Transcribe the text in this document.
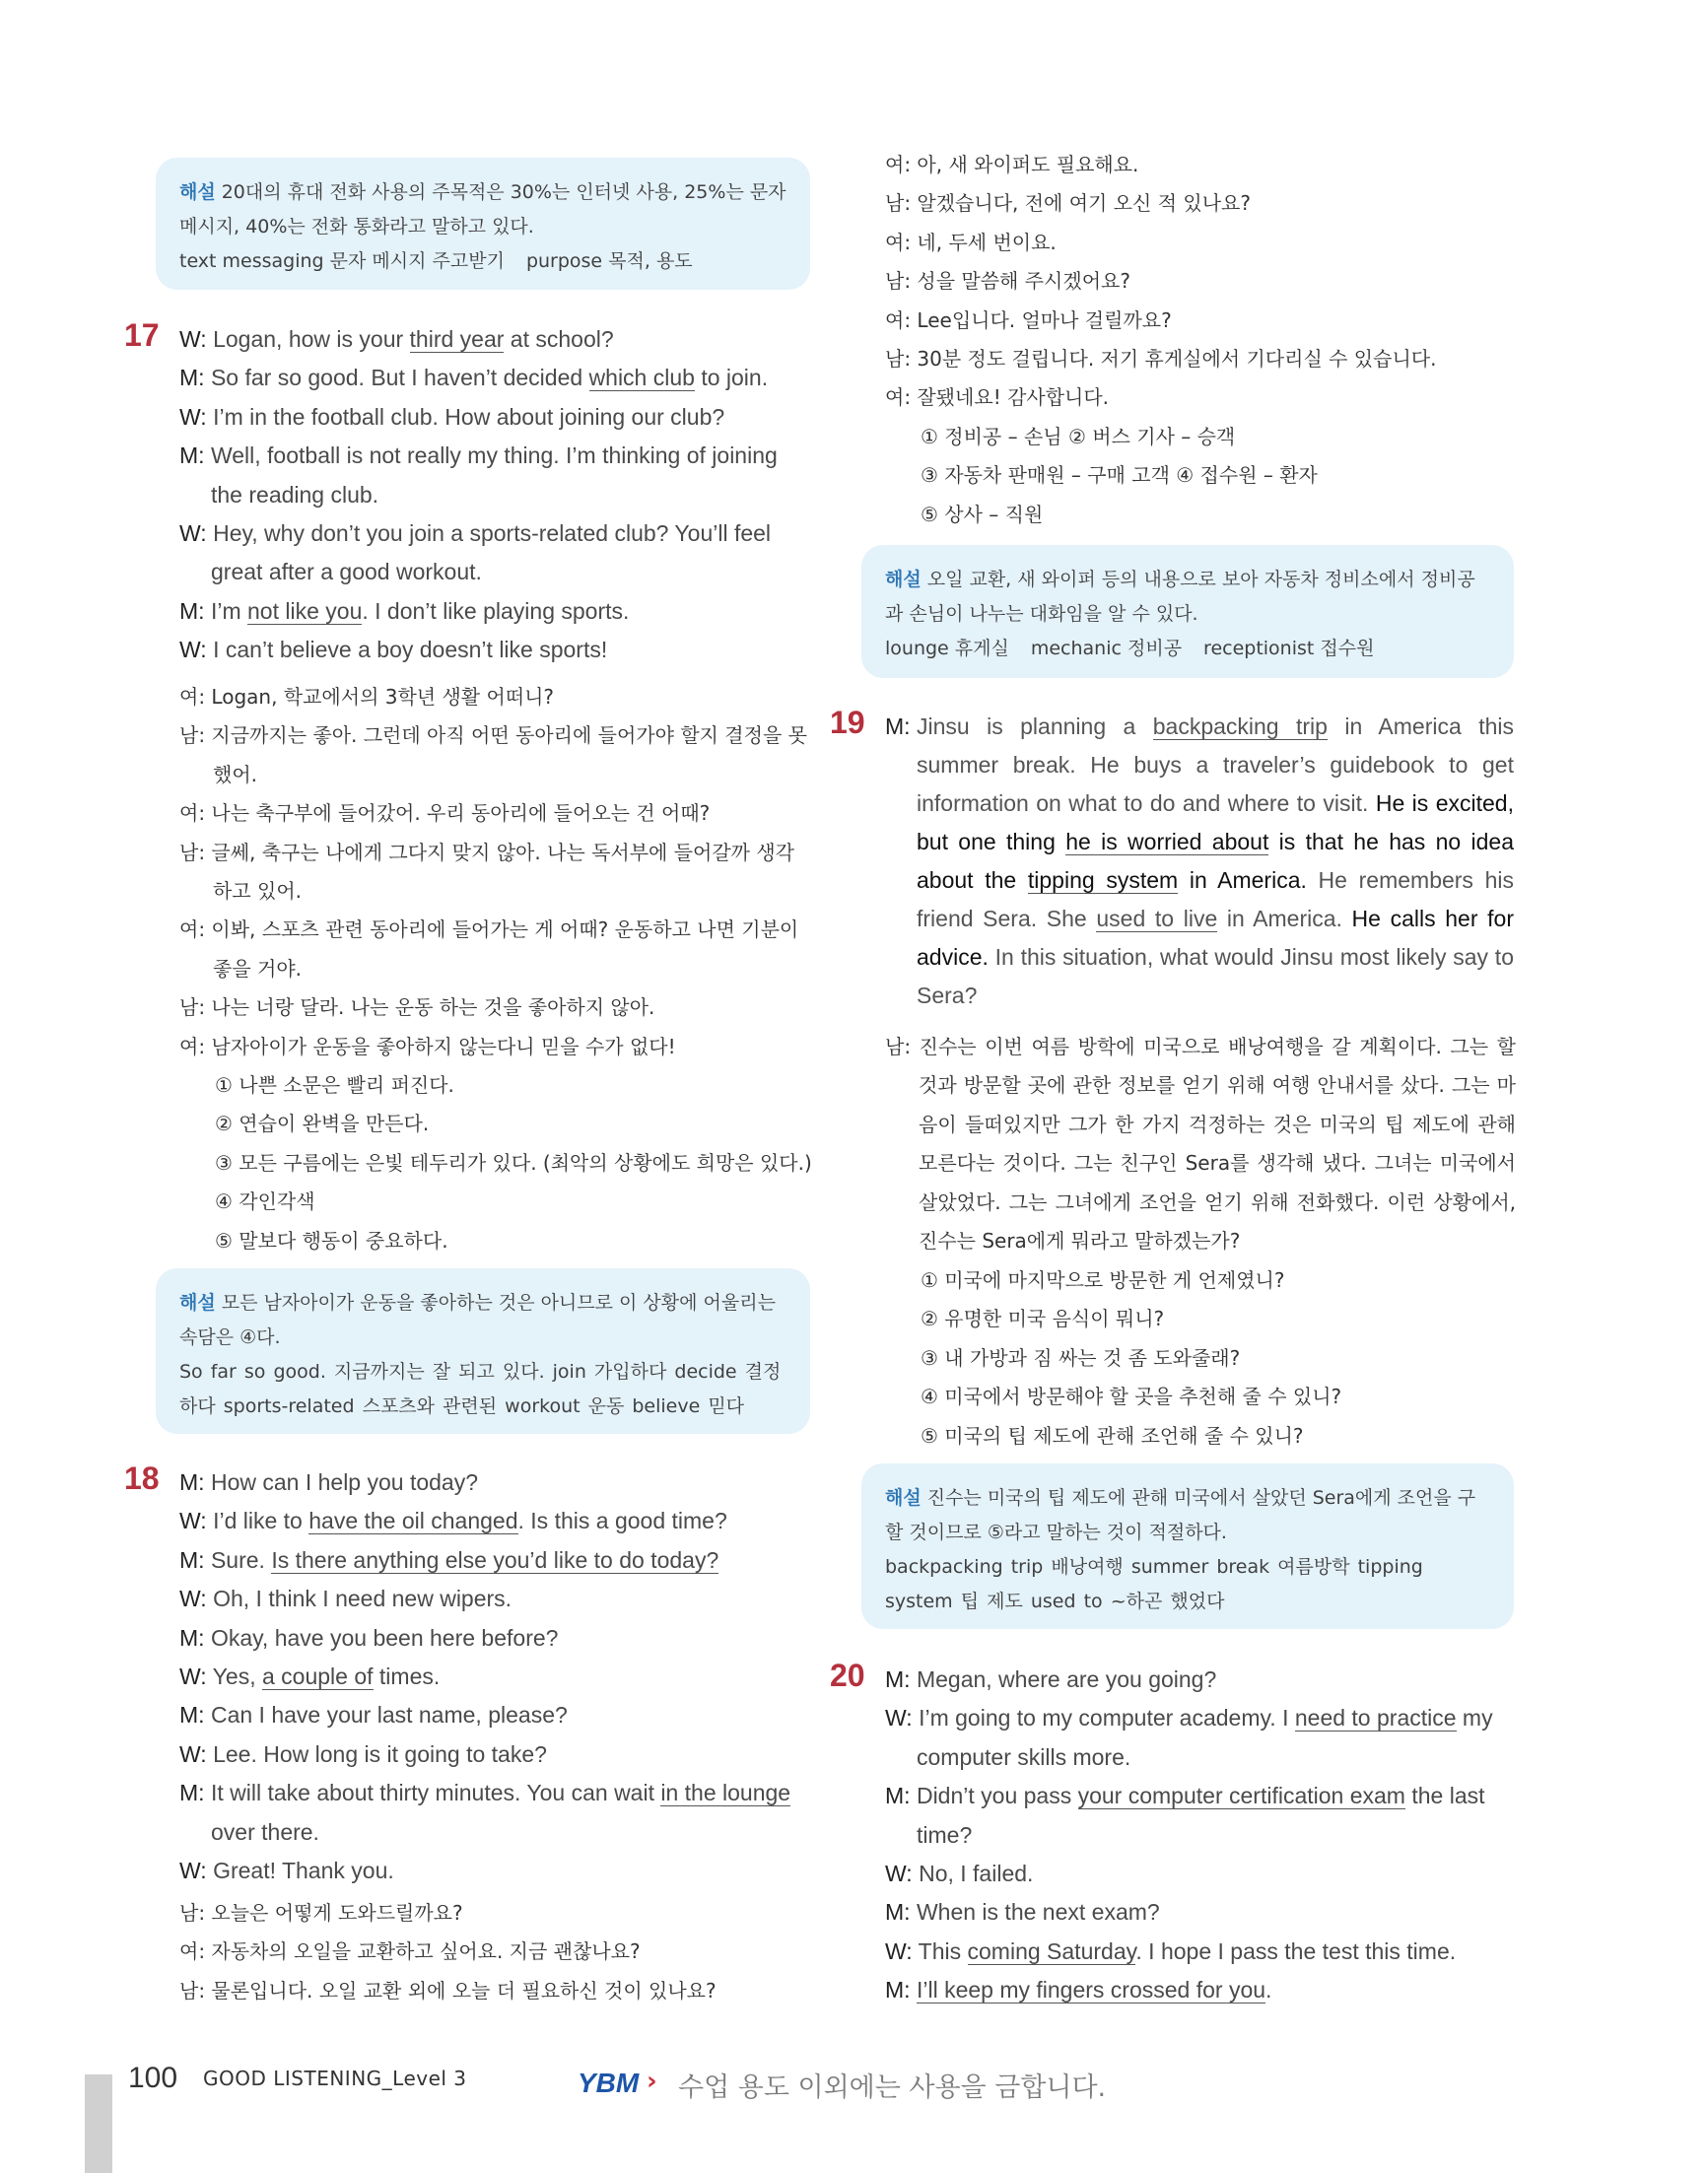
해설 20대의 휴대 전화 사용의 주목적은 30%는 인터넷 사용, 25%는 문자 메시지, 40%는 전화 통화라고 말하고 있다.
text messaging 문자 메시지 주고받기 purpose 목적, 용도
17 W: Logan, how is your third year at school?
M: So far so good. But I haven’t decided which club to join.
W: I’m in the football club. How about joining our club?
M: Well, football is not really my thing. I’m thinking of joining the reading club.
W: Hey, why don’t you join a sports-related club? You’ll feel great after a good workout.
M: I’m not like you. I don’t like playing sports.
W: I can’t believe a boy doesn’t like sports!
여: Logan, 학교에서의 3학년 생활 어떠니?
남: 지금까지는 좋아. 그런데 아직 어떤 동아리에 들어가야 할지 결정을 못했어.
여: 나는 축구부에 들어갔어. 우리 동아리에 들어오는 건 어때?
남: 글쎄, 축구는 나에게 그다지 맞지 않아. 나는 독서부에 들어갈까 생각하고 있어.
여: 이봐, 스포츠 관련 동아리에 들어가는 게 어때? 운동하고 나면 기분이 좋을 거야.
남: 나는 너랑 달라. 나는 운동 하는 것을 좋아하지 않아.
여: 남자아이가 운동을 좋아하지 않는다니 믿을 수가 없다!
① 나쁜 소문은 빨리 퍼진다.
② 연습이 완벽을 만든다.
③ 모든 구름에는 은빛 테두리가 있다. (최악의 상황에도 희망은 있다.)
④ 각인각색
⑤ 말보다 행동이 중요하다.
해설 모든 남자아이가 운동을 좋아하는 것은 아니므로 이 상황에 어울리는 속담은 ④다.
So far so good. 지금까지는 잘 되고 있다. join 가입하다 decide 결정하다 sports-related 스포츠와 관련된 workout 운동 believe 믿다
18 M: How can I help you today?
W: I’d like to have the oil changed. Is this a good time?
M: Sure. Is there anything else you’d like to do today?
W: Oh, I think I need new wipers.
M: Okay, have you been here before?
W: Yes, a couple of times.
M: Can I have your last name, please?
W: Lee. How long is it going to take?
M: It will take about thirty minutes. You can wait in the lounge over there.
W: Great! Thank you.
남: 오늘은 어떻게 도와드릴까요?
여: 자동차의 오일을 교환하고 싶어요. 지금 괜찮나요?
남: 물론입니다. 오일 교환 외에 오늘 더 필요하신 것이 있나요?
여: 아, 새 와이퍼도 필요해요.
남: 알겠습니다, 전에 여기 오신 적 있나요?
여: 네, 두세 번이요.
남: 성을 말씀해 주시겠어요?
여: Lee입니다. 얼마나 걸릴까요?
남: 30분 정도 걸립니다. 저기 휴게실에서 기다리실 수 있습니다.
여: 잘됐네요! 감사합니다.
① 정비공 – 손님 ② 버스 기사 – 승객
③ 자동차 판매원 – 구매 고객 ④ 접수원 – 환자
⑤ 상사 – 직원
해설 오일 교환, 새 와이퍼 등의 내용으로 보아 자동차 정비소에서 정비공과 손님이 나누는 대화임을 알 수 있다.
lounge 휴게실 mechanic 정비공 receptionist 접수원
19 M: Jinsu is planning a backpacking trip in America this summer break. He buys a traveler’s guidebook to get information on what to do and where to visit. He is excited, but one thing he is worried about is that he has no idea about the tipping system in America. He remembers his friend Sera. She used to live in America. He calls her for advice. In this situation, what would Jinsu most likely say to Sera?
남: 진수는 이번 여름 방학에 미국으로 배낭여행을 갈 계획이다. 그는 할 것과 방문할 곳에 관한 정보를 얻기 위해 여행 안내서를 샀다. 그는 마음이 들떠있지만 그가 한 가지 걱정하는 것은 미국의 팁 제도에 관해 모른다는 것이다. 그는 친구인 Sera를 생각해 냈다. 그녀는 미국에서 살았었다. 그는 그녀에게 조언을 얻기 위해 전화했다. 이런 상황에서, 진수는 Sera에게 뭐라고 말하겠는가?
① 미국에 마지막으로 방문한 게 언제였니?
② 유명한 미국 음식이 뭐니?
③ 내 가방과 짐 싸는 것 좀 도와줄래?
④ 미국에서 방문해야 할 곳을 추천해 줄 수 있니?
⑤ 미국의 팁 제도에 관해 조언해 줄 수 있니?
해설 진수는 미국의 팁 제도에 관해 미국에서 살았던 Sera에게 조언을 구할 것이므로 ⑤라고 말하는 것이 적절하다.
backpacking trip 배낭여행 summer break 여름방학 tipping system 팁 제도 used to ~하곤 했었다
20 M: Megan, where are you going?
W: I’m going to my computer academy. I need to practice my computer skills more.
M: Didn’t you pass your computer certification exam the last time?
W: No, I failed.
M: When is the next exam?
W: This coming Saturday. I hope I pass the test this time.
M: I’ll keep my fingers crossed for you.
100 GOOD LISTENING_Level 3	YBM › 수업 용도 이외에는 사용을 금합니다.
